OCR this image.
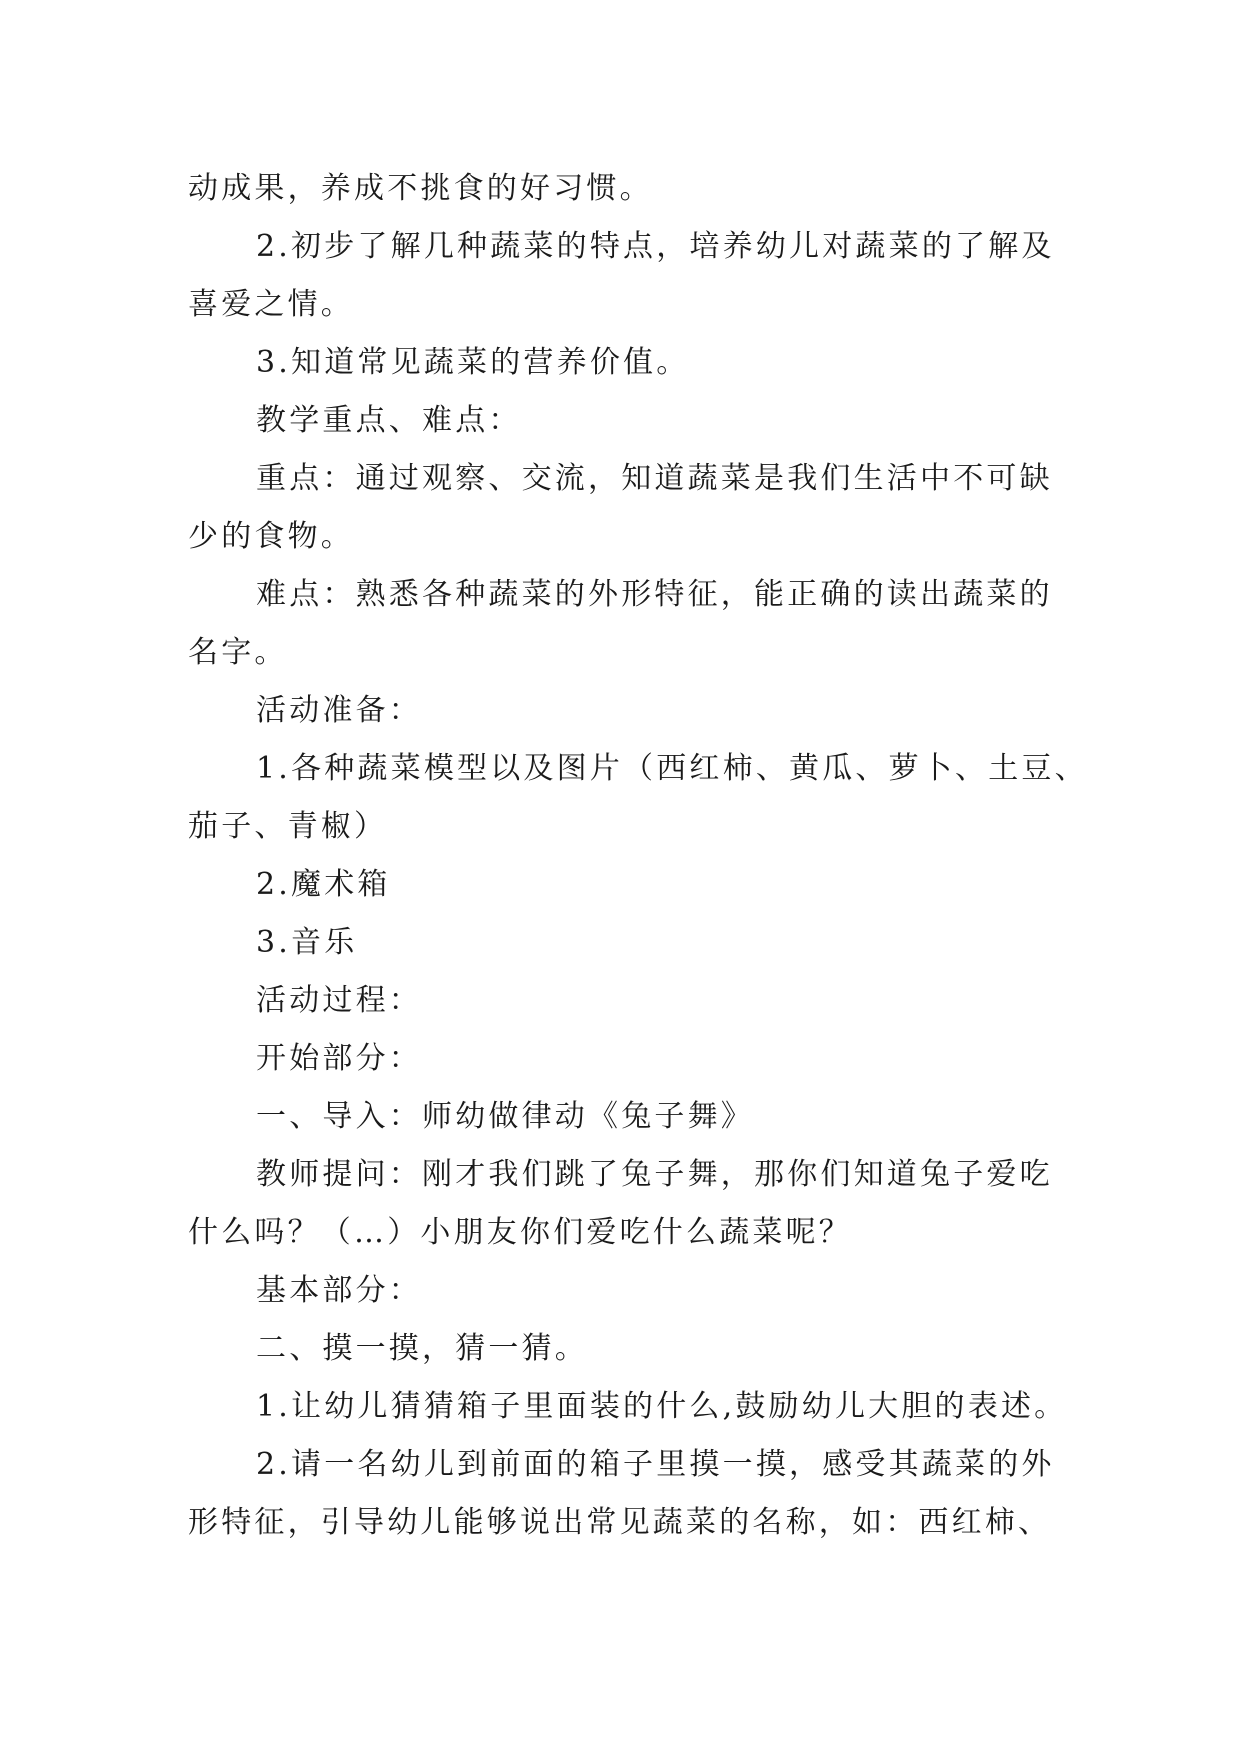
动成果，养成不挑食的好习惯。
2.初步了解几种蔬菜的特点，培养幼儿对蔬菜的了解及
喜爱之情。
3.知道常见蔬菜的营养价值。
教学重点、难点：
重点：通过观察、交流，知道蔬菜是我们生活中不可缺
少的食物。
难点：熟悉各种蔬菜的外形特征，能正确的读出蔬菜的
名字。
活动准备：
1.各种蔬菜模型以及图片（西红柿、黄瓜、萝卜、土豆、
茄子、青椒）
2.魔术箱
3.音乐
活动过程：
开始部分：
一、导入：师幼做律动《兔子舞》
教师提问：刚才我们跳了兔子舞，那你们知道兔子爱吃
什么吗？（…）小朋友你们爱吃什么蔬菜呢？
基本部分：
二、摸一摸，猜一猜。
1.让幼儿猜猜箱子里面装的什么,鼓励幼儿大胆的表述。
2.请一名幼儿到前面的箱子里摸一摸，感受其蔬菜的外
形特征，引导幼儿能够说出常见蔬菜的名称，如：西红柿、
